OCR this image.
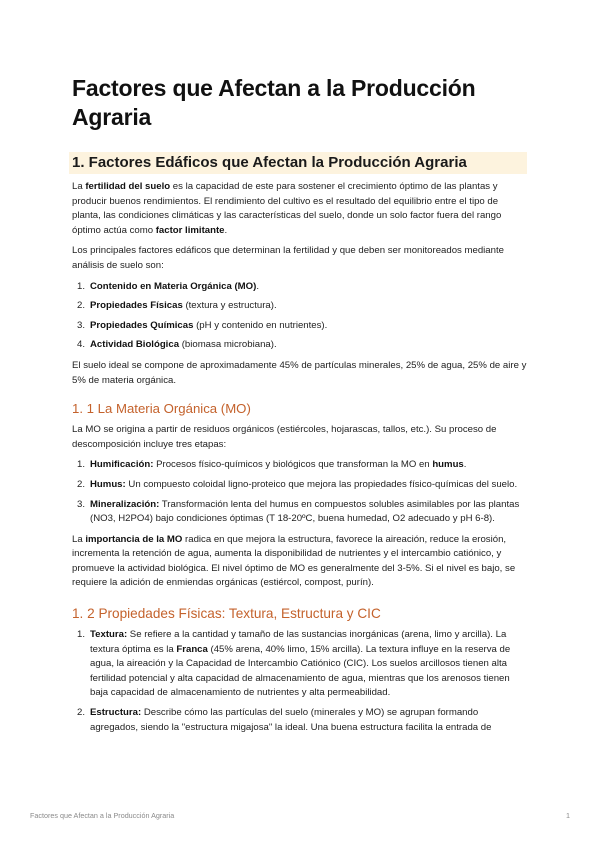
Factores que Afectan a la Producción Agraria
1. Factores Edáficos que Afectan la Producción Agraria

La fertilidad del suelo es la capacidad de este para sostener el crecimiento óptimo de las plantas y producir buenos rendimientos. El rendimiento del cultivo es el resultado del equilibrio entre el tipo de planta, las condiciones climáticas y las características del suelo, donde un solo factor fuera del rango óptimo actúa como factor limitante.

Los principales factores edáficos que determinan la fertilidad y que deben ser monitoreados mediante análisis de suelo son:

1. Contenido en Materia Orgánica (MO).
2. Propiedades Físicas (textura y estructura).
3. Propiedades Químicas (pH y contenido en nutrientes).
4. Actividad Biológica (biomasa microbiana).

El suelo ideal se compone de aproximadamente 45% de partículas minerales, 25% de agua, 25% de aire y 5% de materia orgánica.

1. 1 La Materia Orgánica (MO)

La MO se origina a partir de residuos orgánicos (estiércoles, hojarascas, tallos, etc.). Su proceso de descomposición incluye tres etapas:

1. Humificación: Procesos físico-químicos y biológicos que transforman la MO en humus.
2. Humus: Un compuesto coloidal ligno-proteico que mejora las propiedades físico-químicas del suelo.
3. Mineralización: Transformación lenta del humus en compuestos solubles asimilables por las plantas (NO3, H2PO4) bajo condiciones óptimas (T 18-20ºC, buena humedad, O2 adecuado y pH 6-8).

La importancia de la MO radica en que mejora la estructura, favorece la aireación, reduce la erosión, incrementa la retención de agua, aumenta la disponibilidad de nutrientes y el intercambio catiónico, y promueve la actividad biológica. El nivel óptimo de MO es generalmente del 3-5%. Si el nivel es bajo, se requiere la adición de enmiendas orgánicas (estiércol, compost, purín).

1. 2 Propiedades Físicas: Textura, Estructura y CIC
1. Textura: Se refiere a la cantidad y tamaño de las sustancias inorgánicas (arena, limo y arcilla). La textura óptima es la Franca (45% arena, 40% limo, 15% arcilla). La textura influye en la reserva de agua, la aireación y la Capacidad de Intercambio Catiónico (CIC). Los suelos arcillosos tienen alta fertilidad potencial y alta capacidad de almacenamiento de agua, mientras que los arenosos tienen baja capacidad de almacenamiento de nutrientes y alta permeabilidad.
2. Estructura: Describe cómo las partículas del suelo (minerales y MO) se agrupan formando agregados, siendo la "estructura migajosa" la ideal. Una buena estructura facilita la entrada de
Factores que Afectan a la Producción Agraria	1
